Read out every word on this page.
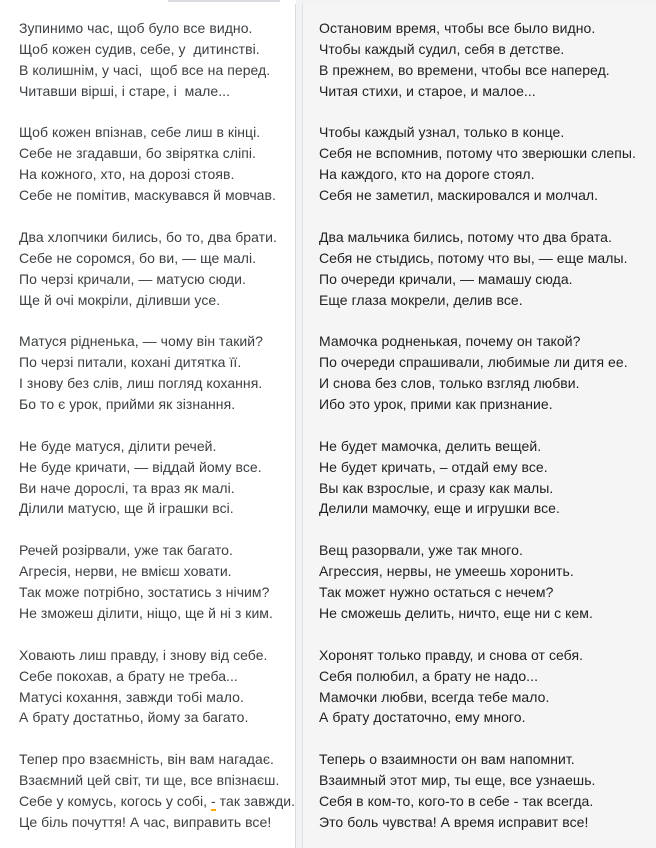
Зупинимо час, щоб було все видно.
Щоб кожен судив, себе, у  дитинстві.
В колишнім, у часі,  щоб все на перед.
Читавши вірші, і старе, і  мале...
Щоб кожен впізнав, себе лиш в кінці.
Себе не згадавши, бо звірятка сліпі.
На кожного, хто, на дорозі стояв.
Себе не помітив, маскувався й мовчав.
Два хлопчики бились, бо то, два брати.
Себе не соромся, бо ви, — ще малі.
По черзі кричали, — матусю сюди.
Ще й очі мокріли, діливши усе.
Матуся рідненька, — чому він такий?
По черзі питали, кохані дитятка її.
І знову без слів, лиш погляд кохання.
Бо то є урок, прийми як зізнання.
Не буде матуся, ділити речей.
Не буде кричати, — віддай йому все.
Ви наче дорослі, та враз як малі.
Ділили матусю, ще й іграшки всі.
Речей розірвали, уже так багато.
Агресія, нерви, не вмієш ховати.
Так може потрібно, зостатись з нічим?
Не зможеш ділити, ніщо, ще й ні з ким.
Ховають лиш правду, і знову від себе.
Себе покохав, а брату не треба...
Матусі кохання, завжди тобі мало.
А брату достатньо, йому за багато.
Тепер про взаємність, він вам нагадає.
Взаємний цей світ, ти ще, все впізнаєш.
Себе у комусь, когось у собі, - так завжди.
Це біль почуття! А час, виправить все!
Остановим время, чтобы все было видно.
Чтобы каждый судил, себя в детстве.
В прежнем, во времени, чтобы все наперед.
Читая стихи, и старое, и малое...
Чтобы каждый узнал, только в конце.
Себя не вспомнив, потому что зверюшки слепы.
На каждого, кто на дороге стоял.
Себя не заметил, маскировался и молчал.
Два мальчика бились, потому что два брата.
Себя не стыдись, потому что вы, — еще малы.
По очереди кричали, — мамашу сюда.
Еще глаза мокрели, делив все.
Мамочка родненькая, почему он такой?
По очереди спрашивали, любимые ли дитя ее.
И снова без слов, только взгляд любви.
Ибо это урок, прими как признание.
Не будет мамочка, делить вещей.
Не будет кричать, – отдай ему все.
Вы как взрослые, и сразу как малы.
Делили мамочку, еще и игрушки все.
Вещ разорвали, уже так много.
Агрессия, нервы, не умеешь хоронить.
Так может нужно остаться с нечем?
Не сможешь делить, ничто, еще ни с кем.
Хоронят только правду, и снова от себя.
Себя полюбил, а брату не надо...
Мамочки любви, всегда тебе мало.
А брату достаточно, ему много.
Теперь о взаимности он вам напомнит.
Взаимный этот мир, ты еще, все узнаешь.
Себя в ком-то, кого-то в себе - так всегда.
Это боль чувства! А время исправит все!
